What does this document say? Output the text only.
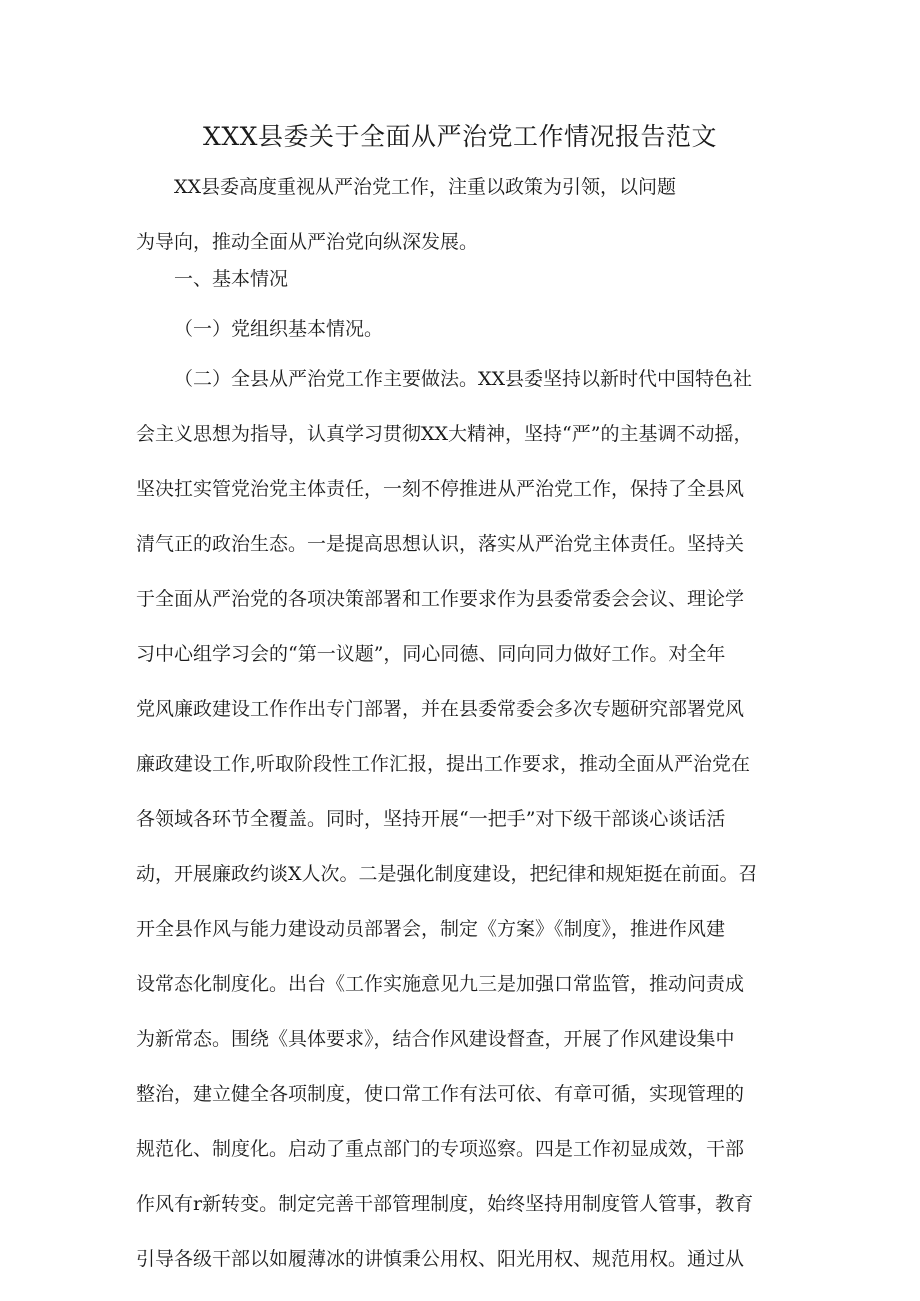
XXX县委关于全面从严治党工作情况报告范文
XX县委高度重视从严治党工作，注重以政策为引领，以问题
为导向，推动全面从严治党向纵深发展。
一、基本情况
（一）党组织基本情况。
（二）全县从严治党工作主要做法。XX县委坚持以新时代中国特色社
会主义思想为指导，认真学习贯彻XX大精神，坚持“严”的主基调不动摇，
坚决扛实管党治党主体责任，一刻不停推进从严治党工作，保持了全县风
清气正的政治生态。一是提高思想认识，落实从严治党主体责任。坚持关
于全面从严治党的各项决策部署和工作要求作为县委常委会会议、理论学
习中心组学习会的“第一议题”，同心同德、同向同力做好工作。对全年
党风廉政建设工作作出专门部署，并在县委常委会多次专题研究部署党风
廉政建设工作,听取阶段性工作汇报，提出工作要求，推动全面从严治党在
各领域各环节全覆盖。同时，坚持开展“一把手”对下级干部谈心谈话活
动，开展廉政约谈X人次。二是强化制度建设，把纪律和规矩挺在前面。召
开全县作风与能力建设动员部署会，制定《方案》《制度》，推进作风建
设常态化制度化。出台《工作实施意见九三是加强口常监管，推动问责成
为新常态。围绕《具体要求》，结合作风建设督查，开展了作风建设集中
整治，建立健全各项制度，使口常工作有法可依、有章可循，实现管理的
规范化、制度化。启动了重点部门的专项巡察。四是工作初显成效，干部
作风有r新转变。制定完善干部管理制度，始终坚持用制度管人管事，教育
引导各级干部以如履薄冰的讲慎秉公用权、阳光用权、规范用权。通过从
